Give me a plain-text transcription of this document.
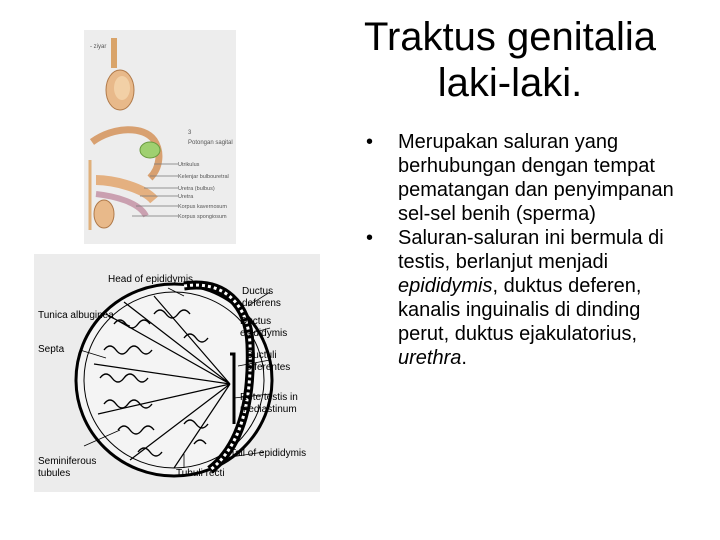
Traktus genitalia
laki-laki.
• Merupakan saluran yang berhubungan dengan tempat pematangan dan penyimpanan sel-sel benih (sperma)
• Saluran-saluran ini bermula di testis, berlanjut menjadi epididymis, duktus deferen, kanalis inguinalis di dinding perut, duktus ejakulatorius, urethra.
- ziyar
3
Potongan sagital
Utrikulus
Kelenjar bulbouretral
Uretra (bulbus)
Uretra
Korpus kavernosum
Korpus spongiosum
Head of epididymis
Tunica albuginea
Septa
Seminiferous
tubules
Ductus
deferens
Ductus
epididymis
Ductuli
efferentes
Rete testis in
mediastinum
Tail of epididymis
Tubuli recti
